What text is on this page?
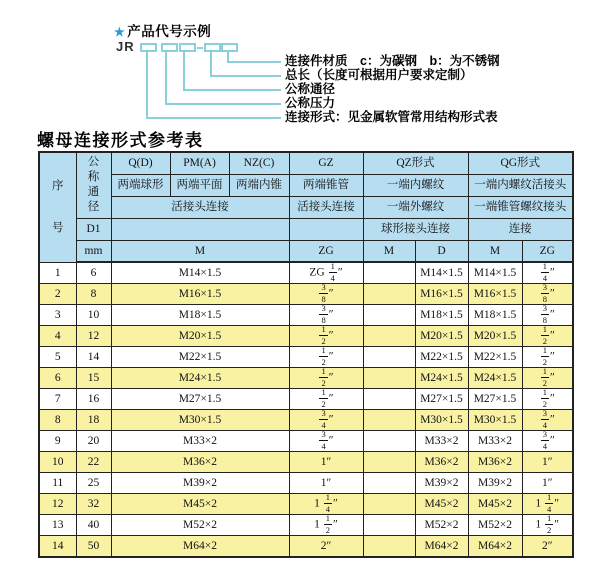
★ 产品代号示例
JR
连接件材质　c：为碳钢　b：为不锈钢
总长（长度可根据用户要求定制）
公称通径
公称压力
连接形式：见金属软管常用结构形式表
螺母连接形式参考表
序
号	公
称
通
径	Q(D)	PM(A)	NZ(C)	GZ	QZ形式		QG形式	
		两端球形	两端平面	两端内锥	两端锥管	一端内螺纹		一端内螺纹活接头	
		活接头连接			活接头连接	一端外螺纹		一端锥管螺纹接头	
	D1					球形接头连接		连接	
	mm	M			ZG	M	D	M	ZG
1	6	M14×1.5			ZG $\frac{1}{4}$ ″		M14×1.5	M14×1.5	$\frac{1}{4}$ ″
2	8	M16×1.5			$\frac{3}{8}$ ″		M16×1.5	M16×1.5	$\frac{3}{8}$ ″
3	10	M18×1.5			$\frac{3}{8}$ ″		M18×1.5	M18×1.5	$\frac{3}{8}$ ″
4	12	M20×1.5			$\frac{1}{2}$ ″		M20×1.5	M20×1.5	$\frac{1}{2}$ ″
5	14	M22×1.5			$\frac{1}{2}$ ″		M22×1.5	M22×1.5	$\frac{1}{2}$ ″
6	15	M24×1.5			$\frac{1}{2}$ ″		M24×1.5	M24×1.5	$\frac{1}{2}$ ″
7	16	M27×1.5			$\frac{1}{2}$ ″		M27×1.5	M27×1.5	$\frac{1}{2}$ ″
8	18	M30×1.5			$\frac{3}{4}$ ″		M30×1.5	M30×1.5	$\frac{3}{4}$ ″
9	20	M33×2			$\frac{3}{4}$ ″		M33×2	M33×2	$\frac{3}{4}$ ″
10	22	M36×2			1″		M36×2	M36×2	1″
11	25	M39×2			1″		M39×2	M39×2	1″
12	32	M45×2			$1 \frac{1}{4}$ ″		M45×2	M45×2	$1 \frac{1}{4}$ ″
13	40	M52×2			$1 \frac{1}{2}$ ″		M52×2	M52×2	$1 \frac{1}{2}$ ″
14	50	M64×2			2″		M64×2	M64×2	2″
